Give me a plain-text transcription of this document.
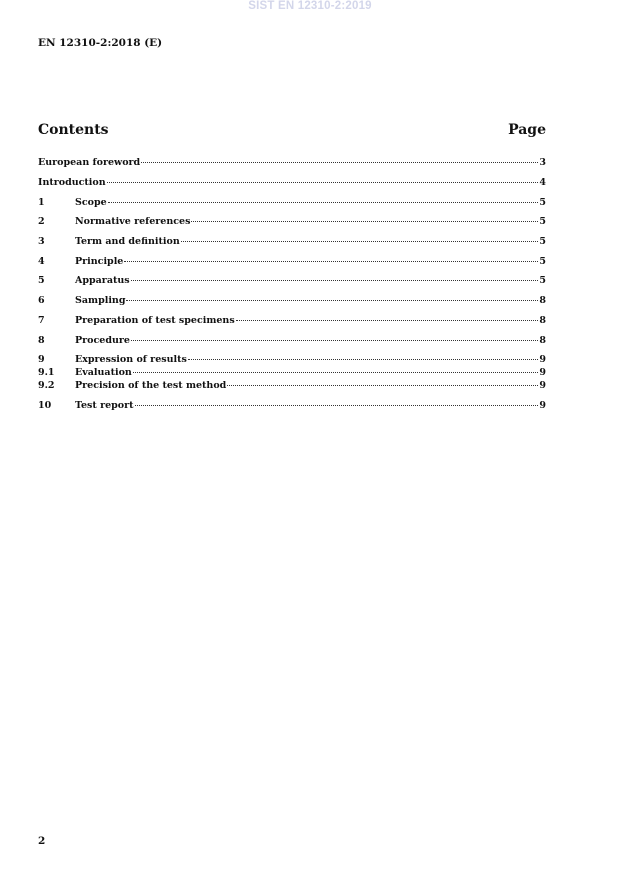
SIST EN 12310-2:2019
EN 12310-2:2018 (E)
Contents	Page
European foreword	3
Introduction	4
1	Scope	5
2	Normative references	5
3	Term and definition	5
4	Principle	5
5	Apparatus	5
6	Sampling	8
7	Preparation of test specimens	8
8	Procedure	8
9	Expression of results	9
9.1	Evaluation	9
9.2	Precision of the test method	9
10	Test report	9
2
